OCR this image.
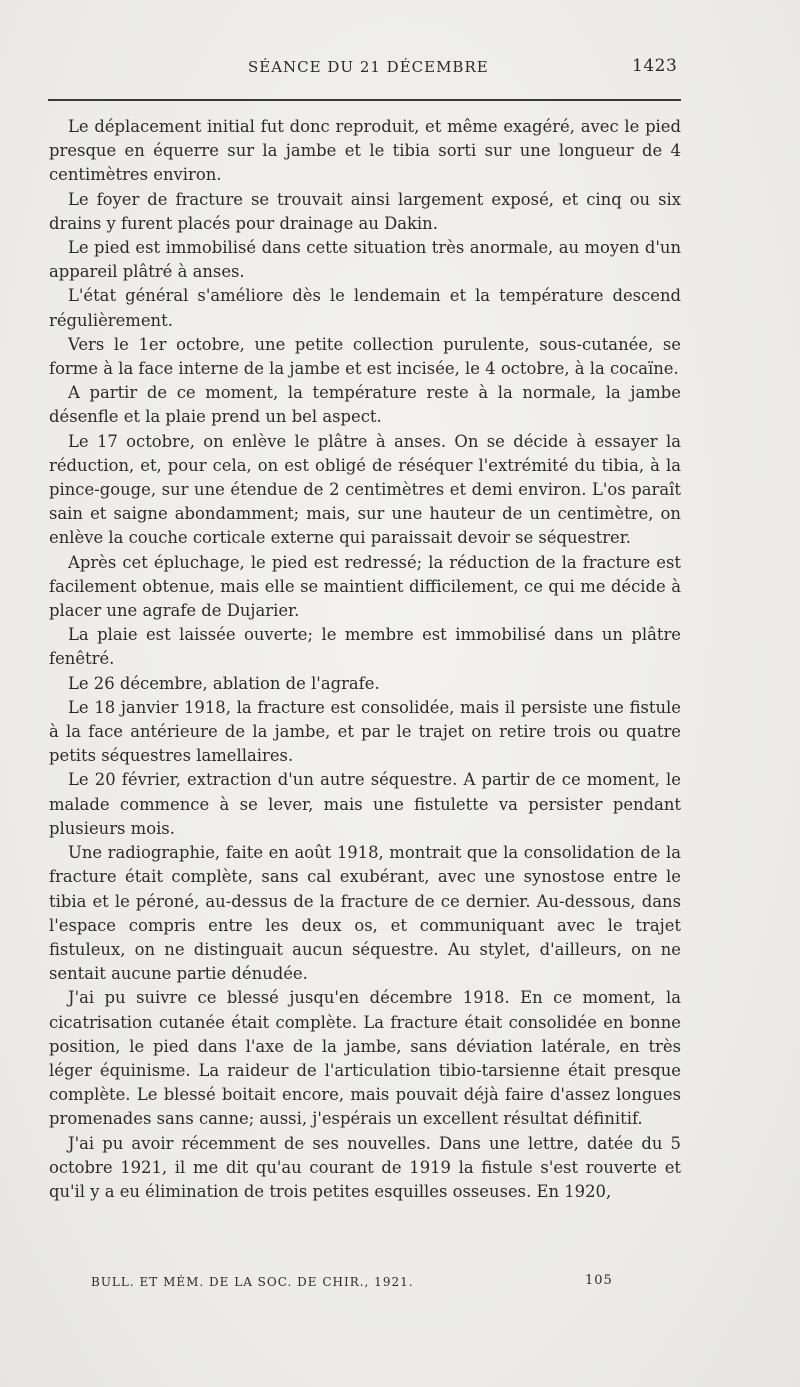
SÉANCE DU 21 DÉCEMBRE	1423

Le déplacement initial fut donc reproduit, et même exagéré, avec le pied presque en équerre sur la jambe et le tibia sorti sur une longueur de 4 centimètres environ.

Le foyer de fracture se trouvait ainsi largement exposé, et cinq ou six drains y furent placés pour drainage au Dakin.

Le pied est immobilisé dans cette situation très anormale, au moyen d'un appareil plâtré à anses.

L'état général s'améliore dès le lendemain et la température descend régulièrement.

Vers le 1er octobre, une petite collection purulente, sous-cutanée, se forme à la face interne de la jambe et est incisée, le 4 octobre, à la cocaïne.

A partir de ce moment, la température reste à la normale, la jambe désenfle et la plaie prend un bel aspect.

Le 17 octobre, on enlève le plâtre à anses. On se décide à essayer la réduction, et, pour cela, on est obligé de réséquer l'extrémité du tibia, à la pince-gouge, sur une étendue de 2 centimètres et demi environ. L'os paraît sain et saigne abondamment; mais, sur une hauteur de un centimètre, on enlève la couche corticale externe qui paraissait devoir se séquestrer.

Après cet épluchage, le pied est redressé; la réduction de la fracture est facilement obtenue, mais elle se maintient difficilement, ce qui me décide à placer une agrafe de Dujarier.

La plaie est laissée ouverte; le membre est immobilisé dans un plâtre fenêtré.

Le 26 décembre, ablation de l'agrafe.

Le 18 janvier 1918, la fracture est consolidée, mais il persiste une fistule à la face antérieure de la jambe, et par le trajet on retire trois ou quatre petits séquestres lamellaires.

Le 20 février, extraction d'un autre séquestre. A partir de ce moment, le malade commence à se lever, mais une fistulette va persister pendant plusieurs mois.

Une radiographie, faite en août 1918, montrait que la consolidation de la fracture était complète, sans cal exubérant, avec une synostose entre le tibia et le péroné, au-dessus de la fracture de ce dernier. Au-dessous, dans l'espace compris entre les deux os, et communiquant avec le trajet fistuleux, on ne distinguait aucun séquestre. Au stylet, d'ailleurs, on ne sentait aucune partie dénudée.

J'ai pu suivre ce blessé jusqu'en décembre 1918. En ce moment, la cicatrisation cutanée était complète. La fracture était consolidée en bonne position, le pied dans l'axe de la jambe, sans déviation latérale, en très léger équinisme. La raideur de l'articulation tibio-tarsienne était presque complète. Le blessé boitait encore, mais pouvait déjà faire d'assez longues promenades sans canne; aussi, j'espérais un excellent résultat définitif.

J'ai pu avoir récemment de ses nouvelles. Dans une lettre, datée du 5 octobre 1921, il me dit qu'au courant de 1919 la fistule s'est rouverte et qu'il y a eu élimination de trois petites esquilles osseuses. En 1920,

BULL. ET MÉM. DE LA SOC. DE CHIR., 1921.	105
